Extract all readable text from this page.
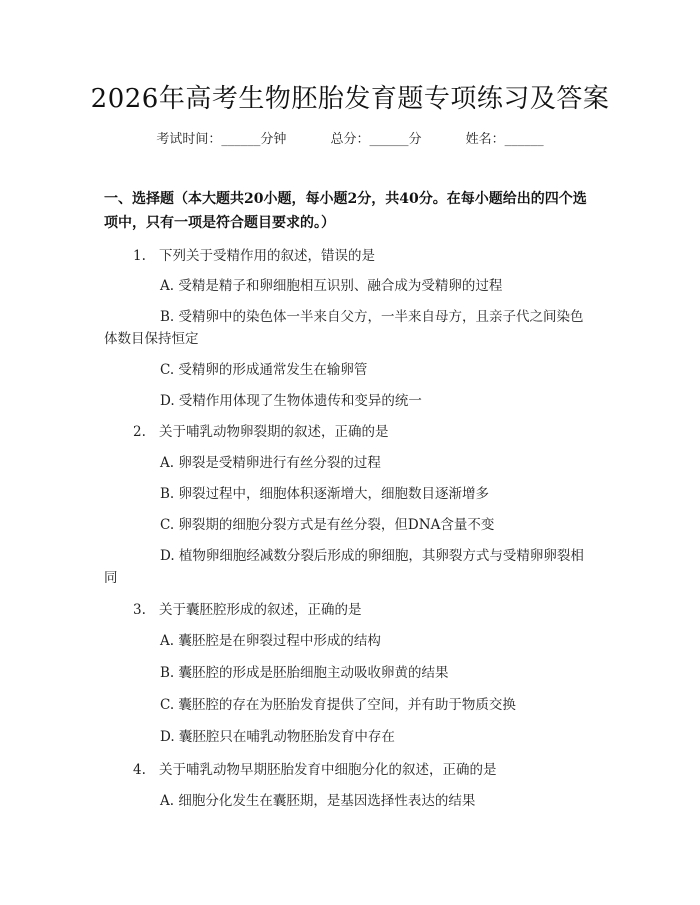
2026年高考生物胚胎发育题专项练习及答案
考试时间：______分钟	总分：______分	姓名：______
一、选择题（本大题共20小题，每小题2分，共40分。在每小题给出的四个选项中，只有一项是符合题目要求的。）
1. 下列关于受精作用的叙述，错误的是
A. 受精是精子和卵细胞相互识别、融合成为受精卵的过程
B. 受精卵中的染色体一半来自父方，一半来自母方，且亲子代之间染色
体数目保持恒定
C. 受精卵的形成通常发生在输卵管
D. 受精作用体现了生物体遗传和变异的统一
2. 关于哺乳动物卵裂期的叙述，正确的是
A. 卵裂是受精卵进行有丝分裂的过程
B. 卵裂过程中，细胞体积逐渐增大，细胞数目逐渐增多
C. 卵裂期的细胞分裂方式是有丝分裂，但DNA含量不变
D. 植物卵细胞经减数分裂后形成的卵细胞，其卵裂方式与受精卵卵裂相
同
3. 关于囊胚腔形成的叙述，正确的是
A. 囊胚腔是在卵裂过程中形成的结构
B. 囊胚腔的形成是胚胎细胞主动吸收卵黄的结果
C. 囊胚腔的存在为胚胎发育提供了空间，并有助于物质交换
D. 囊胚腔只在哺乳动物胚胎发育中存在
4. 关于哺乳动物早期胚胎发育中细胞分化的叙述，正确的是
A. 细胞分化发生在囊胚期，是基因选择性表达的结果
